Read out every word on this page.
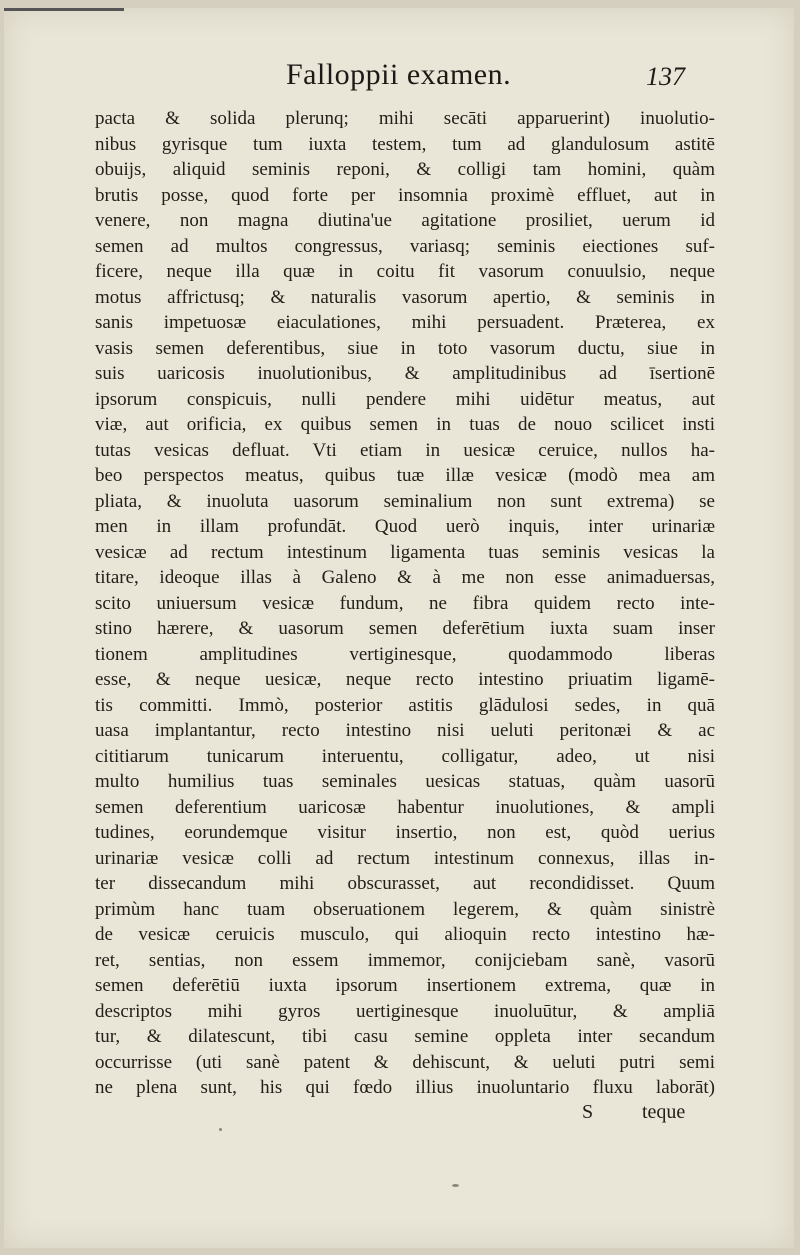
Falloppii examen.	137
pacta & solida plerunq; mihi secāti apparuerint) inuolutio-
nibus gyrisque tum iuxta testem, tum ad glandulosum astitē
obuijs, aliquid seminis reponi, & colligi tam homini, quàm
brutis posse, quod forte per insomnia proximè effluet, aut in
venere, non magna diutina'ue agitatione prosiliet, uerum id
semen ad multos congressus, variasq; seminis eiectiones suf-
ficere, neque illa quæ in coitu fit vasorum conuulsio, neque
motus affrictusq; & naturalis vasorum apertio, & seminis in
sanis impetuosæ eiaculationes, mihi persuadent. Præterea, ex
vasis semen deferentibus, siue in toto vasorum ductu, siue in
suis uaricosis inuolutionibus, & amplitudinibus ad īsertionē
ipsorum conspicuis, nulli pendere mihi uidētur meatus, aut
viæ, aut orificia, ex quibus semen in tuas de nouo scilicet insti
tutas vesicas defluat. Vti etiam in uesicæ ceruice, nullos ha-
beo perspectos meatus, quibus tuæ illæ vesicæ (modò mea am
pliata, & inuoluta uasorum seminalium non sunt extrema) se
men in illam profundāt. Quod uerò inquis, inter urinariæ
vesicæ ad rectum intestinum ligamenta tuas seminis vesicas la
titare, ideoque illas à Galeno & à me non esse animaduersas,
scito uniuersum vesicæ fundum, ne fibra quidem recto inte-
stino hærere, & uasorum semen deferētium iuxta suam inser
tionem amplitudines vertiginesque, quodammodo liberas
esse, & neque uesicæ, neque recto intestino priuatim ligamē-
tis committi. Immò, posterior astitis glādulosi sedes, in quā
uasa implantantur, recto intestino nisi ueluti peritonæi & ac
cititiarum tunicarum interuentu, colligatur, adeo, ut nisi
multo humilius tuas seminales uesicas statuas, quàm uasorū
semen deferentium uaricosæ habentur inuolutiones, & ampli
tudines, eorundemque visitur insertio, non est, quòd uerius
urinariæ vesicæ colli ad rectum intestinum connexus, illas in-
ter dissecandum mihi obscurasset, aut recondidisset. Quum
primùm hanc tuam obseruationem legerem, & quàm sinistrè
de vesicæ ceruicis musculo, qui alioquin recto intestino hæ-
ret, sentias, non essem immemor, conijciebam sanè, vasorū
semen deferētiū iuxta ipsorum insertionem extrema, quæ in
descriptos mihi gyros uertiginesque inuoluūtur, & ampliā
tur, & dilatescunt, tibi casu semine oppleta inter secandum
occurrisse (uti sanè patent & dehiscunt, & ueluti putri semi
ne plena sunt, his qui fœdo illius inuoluntario fluxu laborāt)
S teque
